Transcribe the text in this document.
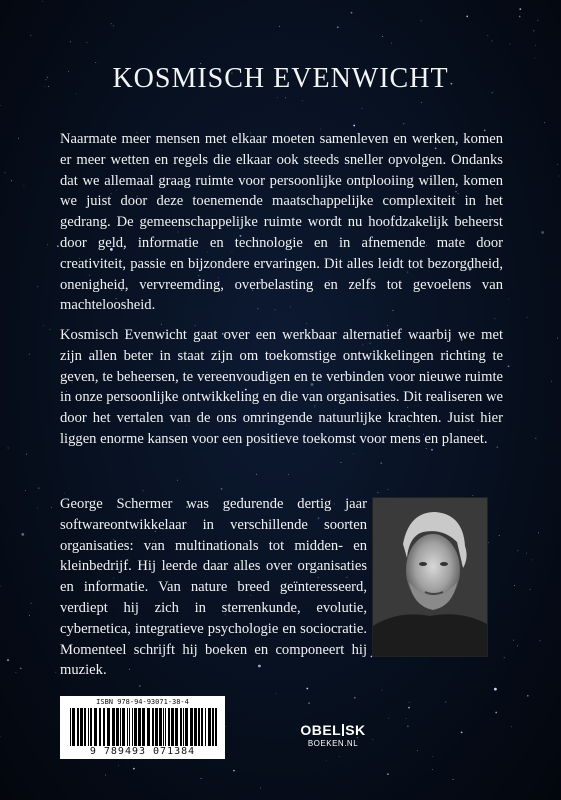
KOSMISCH EVENWICHT

Naarmate meer mensen met elkaar moeten samenleven en werken, komen er meer wetten en regels die elkaar ook steeds sneller opvolgen. Ondanks dat we allemaal graag ruimte voor persoonlijke ontplooiing willen, komen we juist door deze toenemende maatschappelijke complexiteit in het gedrang. De gemeenschappelijke ruimte wordt nu hoofdzakelijk beheerst door geld, informatie en technologie en in afnemende mate door creativiteit, passie en bijzondere ervaringen. Dit alles leidt tot bezorgdheid, onenigheid, vervreemding, overbelasting en zelfs tot gevoelens van machteloosheid.

Kosmisch Evenwicht gaat over een werkbaar alternatief waarbij we met zijn allen beter in staat zijn om toekomstige ontwikkelingen richting te geven, te beheersen, te vereenvoudigen en te verbinden voor nieuwe ruimte in onze persoonlijke ontwikkeling en die van organisaties. Dit realiseren we door het vertalen van de ons omringende natuurlijke krachten. Juist hier liggen enorme kansen voor een positieve toekomst voor mens en planeet.

George Schermer was gedurende dertig jaar softwareontwikkelaar in verschillende soorten organisaties: van multinationals tot midden- en kleinbedrijf. Hij leerde daar alles over organisaties en informatie. Van nature breed geïnteresseerd, verdiept hij zich in sterrenkunde, evolutie, cybernetica, integratieve psychologie en sociocratie. Momenteel schrijft hij boeken en componeert hij muziek.

ISBN 978-94-93071-38-4
9 789493 071384
OBEL SK
BOEKEN.NL
